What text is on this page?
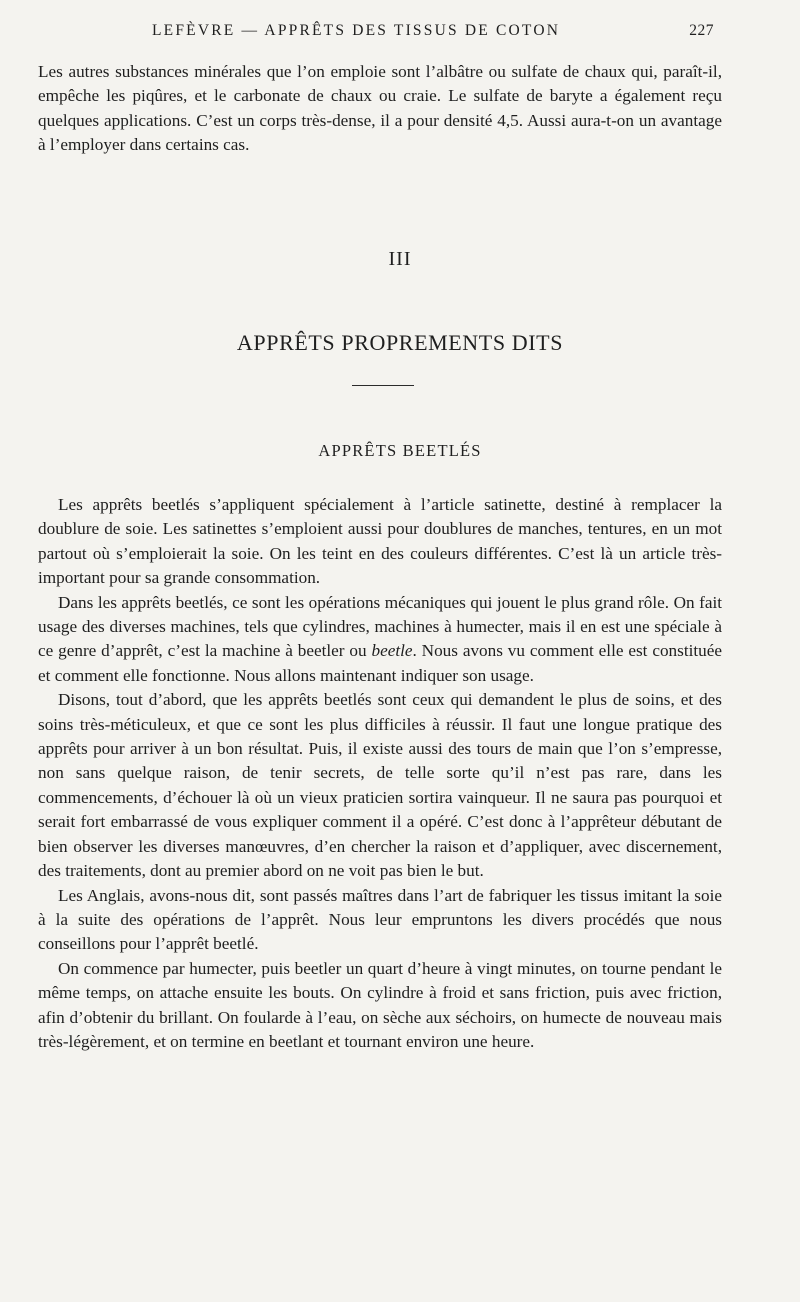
LEFÈVRE — APPRÊTS DES TISSUS DE COTON	227

Les autres substances minérales que l’on emploie sont l’albâtre ou sulfate de chaux qui, paraît-il, empêche les piqûres, et le carbonate de chaux ou craie. Le sulfate de baryte a également reçu quelques applications. C’est un corps très-dense, il a pour densité 4,5. Aussi aura-t-on un avantage à l’employer dans certains cas.

III
APPRÊTS PROPREMENTS DITS
APPRÊTS BEETLÉS

Les apprêts beetlés s’appliquent spécialement à l’article satinette, destiné à remplacer la doublure de soie. Les satinettes s’emploient aussi pour doublures de manches, tentures, en un mot partout où s’emploierait la soie. On les teint en des couleurs différentes. C’est là un article très-important pour sa grande consommation.

Dans les apprêts beetlés, ce sont les opérations mécaniques qui jouent le plus grand rôle. On fait usage des diverses machines, tels que cylindres, machines à humecter, mais il en est une spéciale à ce genre d’apprêt, c’est la machine à beetler ou beetle. Nous avons vu comment elle est constituée et comment elle fonctionne. Nous allons maintenant indiquer son usage.

Disons, tout d’abord, que les apprêts beetlés sont ceux qui demandent le plus de soins, et des soins très-méticuleux, et que ce sont les plus difficiles à réussir. Il faut une longue pratique des apprêts pour arriver à un bon résultat. Puis, il existe aussi des tours de main que l’on s’empresse, non sans quelque raison, de tenir secrets, de telle sorte qu’il n’est pas rare, dans les commencements, d’échouer là où un vieux praticien sortira vainqueur. Il ne saura pas pourquoi et serait fort embarrassé de vous expliquer comment il a opéré. C’est donc à l’apprêteur débutant de bien observer les diverses manœuvres, d’en chercher la raison et d’appliquer, avec discernement, des traitements, dont au premier abord on ne voit pas bien le but.

Les Anglais, avons-nous dit, sont passés maîtres dans l’art de fabriquer les tissus imitant la soie à la suite des opérations de l’apprêt. Nous leur empruntons les divers procédés que nous conseillons pour l’apprêt beetlé.

On commence par humecter, puis beetler un quart d’heure à vingt minutes, on tourne pendant le même temps, on attache ensuite les bouts. On cylindre à froid et sans friction, puis avec friction, afin d’obtenir du brillant. On foularde à l’eau, on sèche aux séchoirs, on humecte de nouveau mais très-légèrement, et on termine en beetlant et tournant environ une heure.
